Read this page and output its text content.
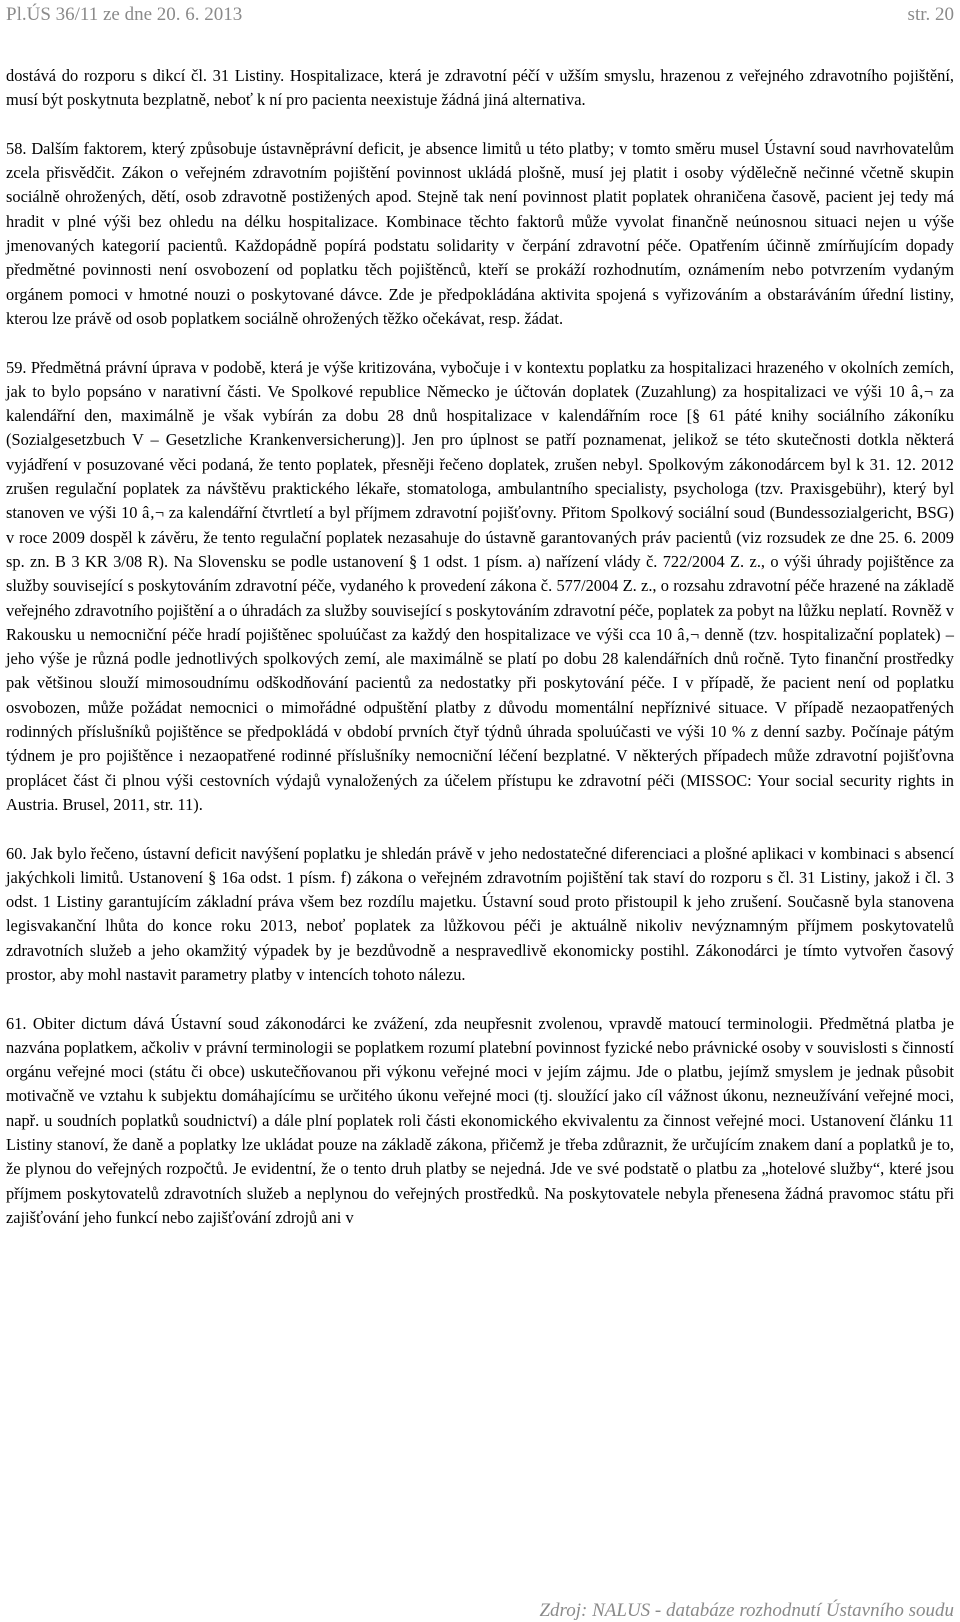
Pl.ÚS 36/11 ze dne 20. 6. 2013	str. 20

dostává do rozporu s dikcí čl. 31 Listiny. Hospitalizace, která je zdravotní péčí v užším smyslu, hrazenou z veřejného zdravotního pojištění, musí být poskytnuta bezplatně, neboť k ní pro pacienta neexistuje žádná jiná alternativa.

58. Dalším faktorem, který způsobuje ústavněprávní deficit, je absence limitů u této platby; v tomto směru musel Ústavní soud navrhovatelům zcela přisvědčit. Zákon o veřejném zdravotním pojištění povinnost ukládá plošně, musí jej platit i osoby výdělečně nečinné včetně skupin sociálně ohrožených, dětí, osob zdravotně postižených apod. Stejně tak není povinnost platit poplatek ohraničena časově, pacient jej tedy má hradit v plné výši bez ohledu na délku hospitalizace. Kombinace těchto faktorů může vyvolat finančně neúnosnou situaci nejen u výše jmenovaných kategorií pacientů. Každopádně popírá podstatu solidarity v čerpání zdravotní péče. Opatřením účinně zmírňujícím dopady předmětné povinnosti není osvobození od poplatku těch pojištěnců, kteří se prokáží rozhodnutím, oznámením nebo potvrzením vydaným orgánem pomoci v hmotné nouzi o poskytované dávce. Zde je předpokládána aktivita spojená s vyřizováním a obstaráváním úřední listiny, kterou lze právě od osob poplatkem sociálně ohrožených těžko očekávat, resp. žádat.

59. Předmětná právní úprava v podobě, která je výše kritizována, vybočuje i v kontextu poplatku za hospitalizaci hrazeného v okolních zemích, jak to bylo popsáno v narativní části. Ve Spolkové republice Německo je účtován doplatek (Zuzahlung) za hospitalizaci ve výši 10 â‚¬ za kalendářní den, maximálně je však vybírán za dobu 28 dnů hospitalizace v kalendářním roce [§ 61 páté knihy sociálního zákoníku (Sozialgesetzbuch V – Gesetzliche Krankenversicherung)]. Jen pro úplnost se patří poznamenat, jelikož se této skutečnosti dotkla některá vyjádření v posuzované věci podaná, že tento poplatek, přesněji řečeno doplatek, zrušen nebyl. Spolkovým zákonodárcem byl k 31. 12. 2012 zrušen regulační poplatek za návštěvu praktického lékaře, stomatologa, ambulantního specialisty, psychologa (tzv. Praxisgebühr), který byl stanoven ve výši 10 â‚¬ za kalendářní čtvrtletí a byl příjmem zdravotní pojišťovny. Přitom Spolkový sociální soud (Bundessozialgericht, BSG) v roce 2009 dospěl k závěru, že tento regulační poplatek nezasahuje do ústavně garantovaných práv pacientů (viz rozsudek ze dne 25. 6. 2009 sp. zn. B 3 KR 3/08 R). Na Slovensku se podle ustanovení § 1 odst. 1 písm. a) nařízení vlády č. 722/2004 Z. z., o výši úhrady pojištěnce za služby související s poskytováním zdravotní péče, vydaného k provedení zákona č. 577/2004 Z. z., o rozsahu zdravotní péče hrazené na základě veřejného zdravotního pojištění a o úhradách za služby související s poskytováním zdravotní péče, poplatek za pobyt na lůžku neplatí. Rovněž v Rakousku u nemocniční péče hradí pojištěnec spoluúčast za každý den hospitalizace ve výši cca 10 â‚¬ denně (tzv. hospitalizační poplatek) – jeho výše je různá podle jednotlivých spolkových zemí, ale maximálně se platí po dobu 28 kalendářních dnů ročně. Tyto finanční prostředky pak většinou slouží mimosoudnímu odškodňování pacientů za nedostatky při poskytování péče. I v případě, že pacient není od poplatku osvobozen, může požádat nemocnici o mimořádné odpuštění platby z důvodu momentální nepříznivé situace. V případě nezaopatřených rodinných příslušníků pojištěnce se předpokládá v období prvních čtyř týdnů úhrada spoluúčasti ve výši 10 % z denní sazby. Počínaje pátým týdnem je pro pojištěnce i nezaopatřené rodinné příslušníky nemocniční léčení bezplatné. V některých případech může zdravotní pojišťovna proplácet část či plnou výši cestovních výdajů vynaložených za účelem přístupu ke zdravotní péči (MISSOC: Your social security rights in Austria. Brusel, 2011, str. 11).

60. Jak bylo řečeno, ústavní deficit navýšení poplatku je shledán právě v jeho nedostatečné diferenciaci a plošné aplikaci v kombinaci s absencí jakýchkoli limitů. Ustanovení § 16a odst. 1 písm. f) zákona o veřejném zdravotním pojištění tak staví do rozporu s čl. 31 Listiny, jakož i čl. 3 odst. 1 Listiny garantujícím základní práva všem bez rozdílu majetku. Ústavní soud proto přistoupil k jeho zrušení. Současně byla stanovena legisvakanční lhůta do konce roku 2013, neboť poplatek za lůžkovou péči je aktuálně nikoliv nevýznamným příjmem poskytovatelů zdravotních služeb a jeho okamžitý výpadek by je bezdůvodně a nespravedlivě ekonomicky postihl. Zákonodárci je tímto vytvořen časový prostor, aby mohl nastavit parametry platby v intencích tohoto nálezu.

61. Obiter dictum dává Ústavní soud zákonodárci ke zvážení, zda neupřesnit zvolenou, vpravdě matoucí terminologii. Předmětná platba je nazvána poplatkem, ačkoliv v právní terminologii se poplatkem rozumí platební povinnost fyzické nebo právnické osoby v souvislosti s činností orgánu veřejné moci (státu či obce) uskutečňovanou při výkonu veřejné moci v jejím zájmu. Jde o platbu, jejímž smyslem je jednak působit motivačně ve vztahu k subjektu domáhajícímu se určitého úkonu veřejné moci (tj. sloužící jako cíl vážnost úkonu, nezneužívání veřejné moci, např. u soudních poplatků soudnictví) a dále plní poplatek roli části ekonomického ekvivalentu za činnost veřejné moci. Ustanovení článku 11 Listiny stanoví, že daně a poplatky lze ukládat pouze na základě zákona, přičemž je třeba zdůraznit, že určujícím znakem daní a poplatků je to, že plynou do veřejných rozpočtů. Je evidentní, že o tento druh platby se nejedná. Jde ve své podstatě o platbu za „hotelové služby“, které jsou příjmem poskytovatelů zdravotních služeb a neplynou do veřejných prostředků. Na poskytovatele nebyla přenesena žádná pravomoc státu při zajišťování jeho funkcí nebo zajišťování zdrojů ani v

Zdroj: NALUS - databáze rozhodnutí Ústavního soudu
